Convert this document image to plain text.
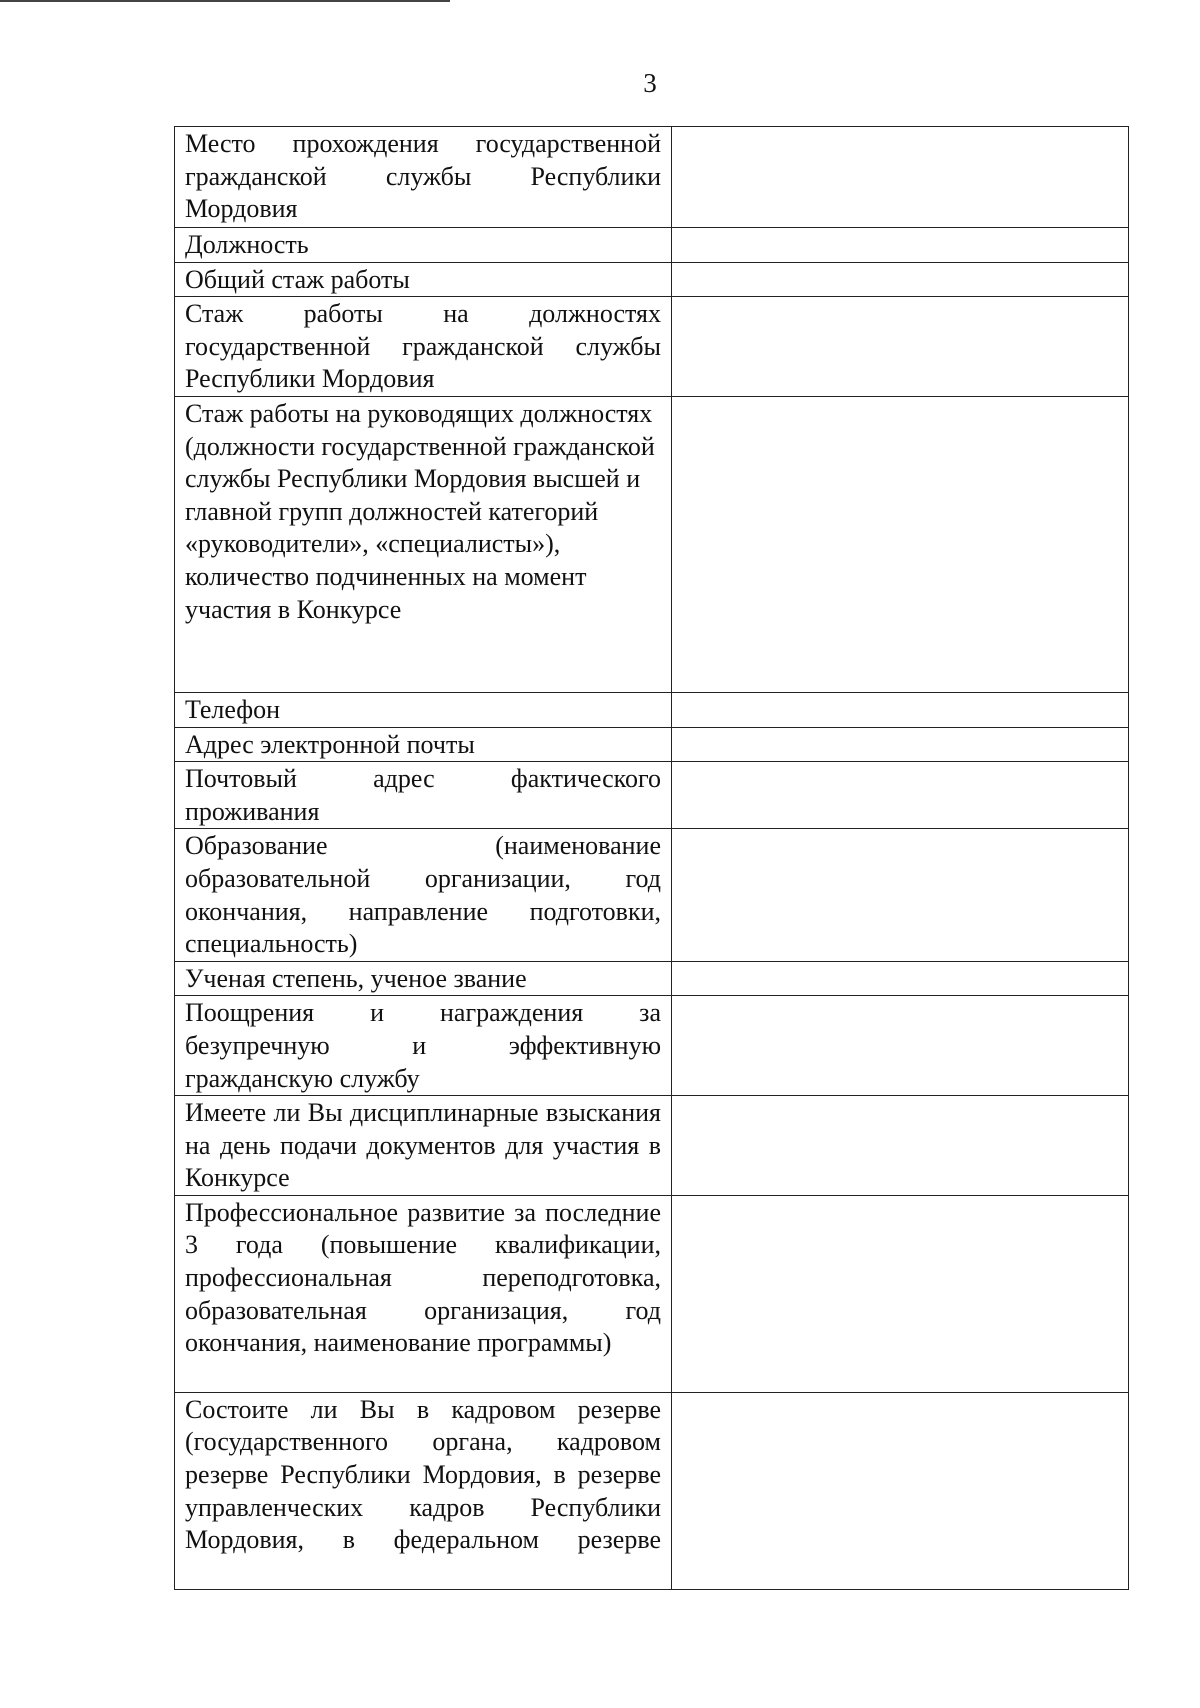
3
Место прохождения государственной гражданской службы Республики Мордовия	
Должность	
Общий стаж работы	
Стаж работы на должностях государственной гражданской службы Республики Мордовия	
Стаж работы на руководящих должностях (должности государственной гражданской службы Республики Мордовия высшей и главной групп должностей категорий «руководители», «специалисты»), количество подчиненных на момент участия в Конкурсе	
Телефон	
Адрес электронной почты	
Почтовый адрес фактического проживания	
Образование (наименование образовательной организации, год окончания, направление подготовки, специальность)	
Ученая степень, ученое звание	
Поощрения и награждения за безупречную и эффективную гражданскую службу	
Имеете ли Вы дисциплинарные взыскания на день подачи документов для участия в Конкурсе	
Профессиональное развитие за последние 3 года (повышение квалификации, профессиональная переподготовка, образовательная организация, год окончания, наименование программы)	
Состоите ли Вы в кадровом резерве (государственного органа, кадровом резерве Республики Мордовия, в резерве управленческих кадров Республики Мордовия, в федеральном резерве	
